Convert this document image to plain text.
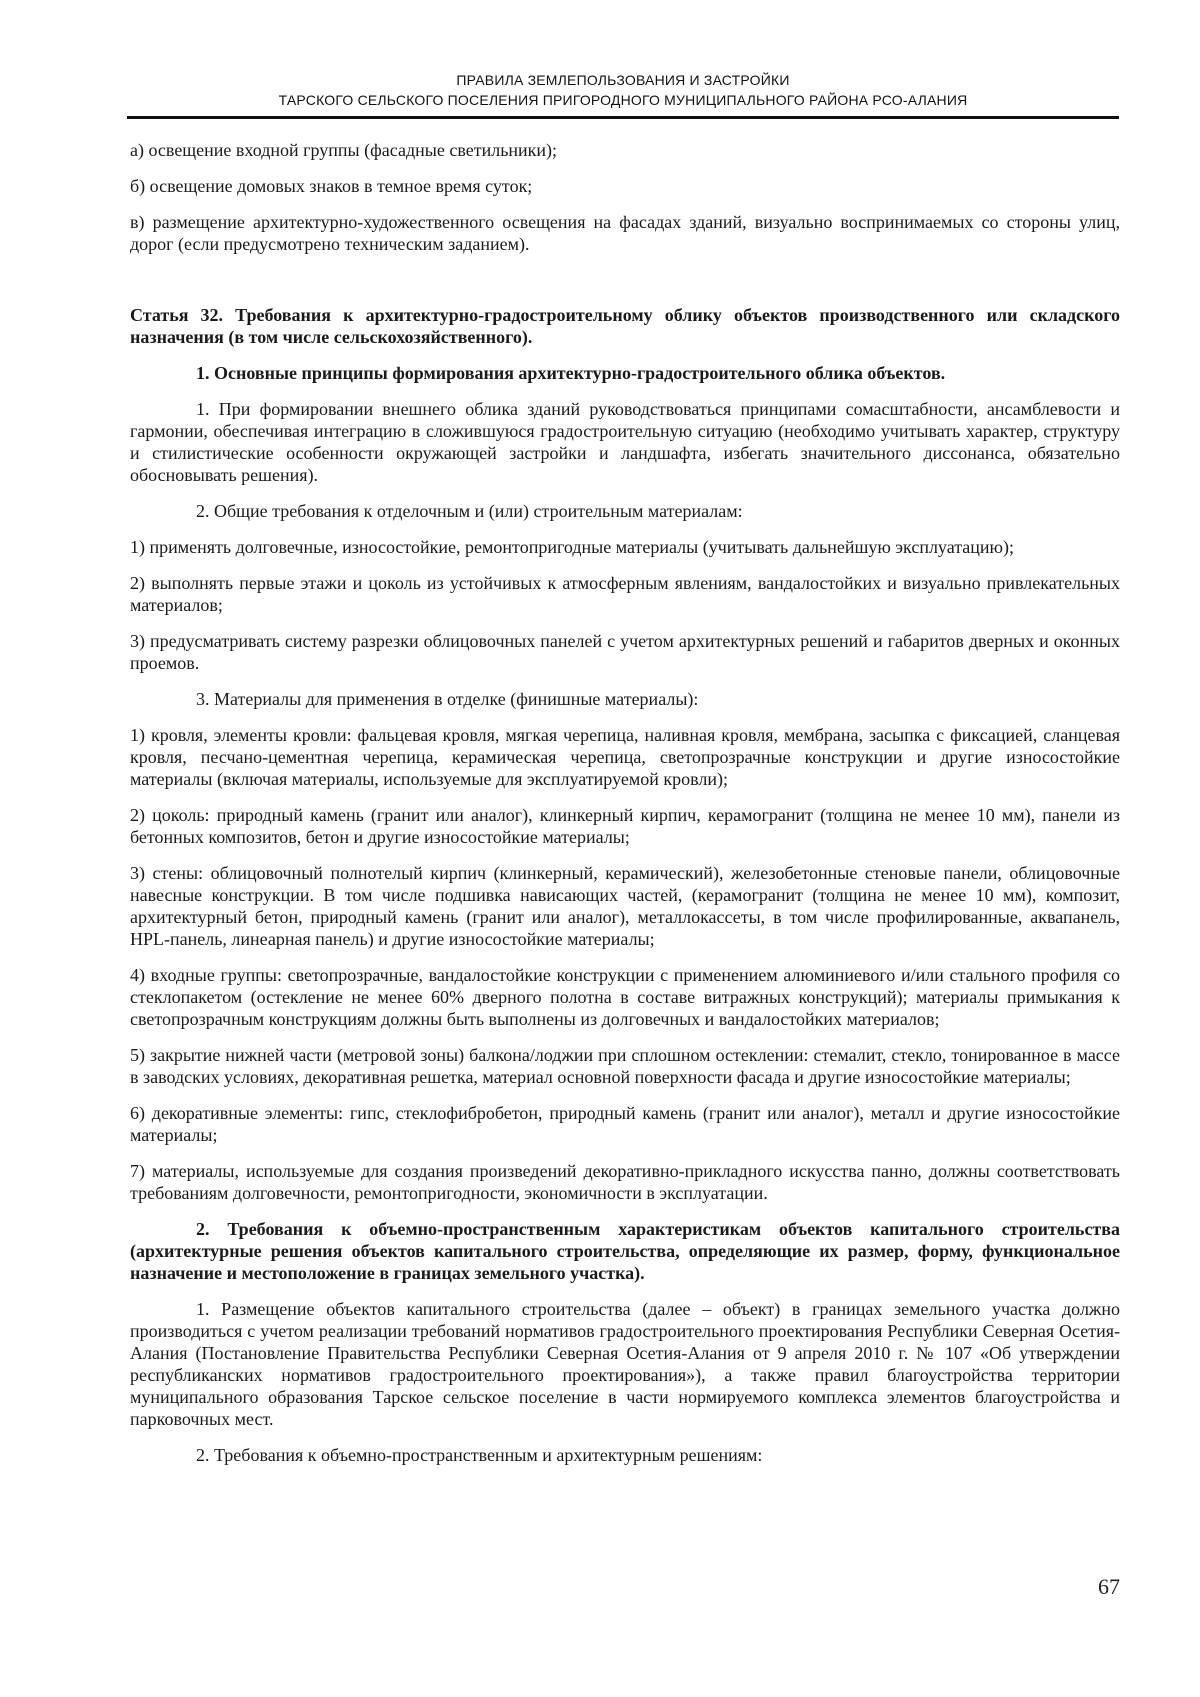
ПРАВИЛА ЗЕМЛЕПОЛЬЗОВАНИЯ И ЗАСТРОЙКИ
ТАРСКОГО СЕЛЬСКОГО ПОСЕЛЕНИЯ ПРИГОРОДНОГО МУНИЦИПАЛЬНОГО РАЙОНА РСО-АЛАНИЯ

а) освещение входной группы (фасадные светильники);

б) освещение домовых знаков в темное время суток;

в) размещение архитектурно-художественного освещения на фасадах зданий, визуально воспринимаемых со стороны улиц, дорог (если предусмотрено техническим заданием).

Статья 32. Требования к архитектурно-градостроительному облику объектов производственного или складского назначения (в том числе сельскохозяйственного).

1. Основные принципы формирования архитектурно-градостроительного облика объектов.

1. При формировании внешнего облика зданий руководствоваться принципами сомасштабности, ансамблевости и гармонии, обеспечивая интеграцию в сложившуюся градостроительную ситуацию (необходимо учитывать характер, структуру и стилистические особенности окружающей застройки и ландшафта, избегать значительного диссонанса, обязательно обосновывать решения).

2. Общие требования к отделочным и (или) строительным материалам:

1) применять долговечные, износостойкие, ремонтопригодные материалы (учитывать дальнейшую эксплуатацию);

2) выполнять первые этажи и цоколь из устойчивых к атмосферным явлениям, вандалостойких и визуально привлекательных материалов;

3) предусматривать систему разрезки облицовочных панелей с учетом архитектурных решений и габаритов дверных и оконных проемов.

3. Материалы для применения в отделке (финишные материалы):

1) кровля, элементы кровли: фальцевая кровля, мягкая черепица, наливная кровля, мембрана, засыпка с фиксацией, сланцевая кровля, песчано-цементная черепица, керамическая черепица, светопрозрачные конструкции и другие износостойкие материалы (включая материалы, используемые для эксплуатируемой кровли);

2) цоколь: природный камень (гранит или аналог), клинкерный кирпич, керамогранит (толщина не менее 10 мм), панели из бетонных композитов, бетон и другие износостойкие материалы;

3) стены: облицовочный полнотелый кирпич (клинкерный, керамический), железобетонные стеновые панели, облицовочные навесные конструкции. В том числе подшивка нависающих частей, (керамогранит (толщина не менее 10 мм), композит, архитектурный бетон, природный камень (гранит или аналог), металлокассеты, в том числе профилированные, аквапанель, HPL-панель, линеарная панель) и другие износостойкие материалы;

4) входные группы: светопрозрачные, вандалостойкие конструкции с применением алюминиевого и/или стального профиля со стеклопакетом (остекление не менее 60% дверного полотна в составе витражных конструкций); материалы примыкания к светопрозрачным конструкциям должны быть выполнены из долговечных и вандалостойких материалов;

5) закрытие нижней части (метровой зоны) балкона/лоджии при сплошном остеклении: стемалит, стекло, тонированное в массе в заводских условиях, декоративная решетка, материал основной поверхности фасада и другие износостойкие материалы;

6) декоративные элементы: гипс, стеклофибробетон, природный камень (гранит или аналог), металл и другие износостойкие материалы;

7) материалы, используемые для создания произведений декоративно-прикладного искусства панно, должны соответствовать требованиям долговечности, ремонтопригодности, экономичности в эксплуатации.

2. Требования к объемно-пространственным характеристикам объектов капитального строительства (архитектурные решения объектов капитального строительства, определяющие их размер, форму, функциональное назначение и местоположение в границах земельного участка).

1. Размещение объектов капитального строительства (далее – объект) в границах земельного участка должно производиться с учетом реализации требований нормативов градостроительного проектирования Республики Северная Осетия-Алания (Постановление Правительства Республики Северная Осетия-Алания от 9 апреля 2010 г. № 107 «Об утверждении республиканских нормативов градостроительного проектирования»), а также правил благоустройства территории муниципального образования Тарское сельское поселение в части нормируемого комплекса элементов благоустройства и парковочных мест.

2. Требования к объемно-пространственным и архитектурным решениям:

67
